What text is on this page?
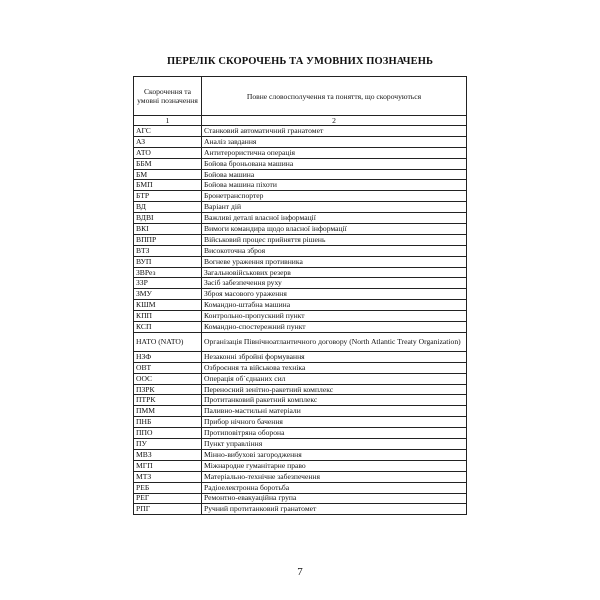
ПЕРЕЛІК СКОРОЧЕНЬ ТА УМОВНИХ ПОЗНАЧЕНЬ
Скорочення та умовні позначення	Повне словосполучення та поняття, що скорочуються
1	2
АГС	Станковий автоматичний гранатомет
АЗ	Аналіз завдання
АТО	Антитерористична операція
ББМ	Бойова броньована машина
БМ	Бойова машина
БМП	Бойова машина піхоти
БТР	Бронетранспортер
ВД	Варіант дій
ВДВІ	Важливі деталі власної інформації
ВКІ	Вимоги командира щодо власної інформації
ВППР	Військовий процес прийняття рішень
ВТЗ	Високоточна зброя
ВУП	Вогневе ураження противника
ЗВРез	Загальновійськових резерв
ЗЗР	Засіб забезпечення руху
ЗМУ	Зброя масового ураження
КШМ	Командно-штабна машина
КПП	Контрольно-пропускний пункт
КСП	Командно-спостережний пункт
НАТО (NATO)	Організація Північноатлантичного договору (North Atlantic Treaty Organization)
НЗФ	Незаконні збройні формування
ОВТ	Озброєння та військова техніка
ООС	Операція об`єднаних сил
ПЗРК	Переносний зенітно-ракетний комплекс
ПТРК	Протитанковий ракетний комплекс
ПММ	Паливно-мастильні матеріали
ПНБ	Прибор нічного бачення
ППО	Протиповітряна оборона
ПУ	Пункт управління
МВЗ	Мінно-вибухові загородження
МГП	Міжнародне гуманітарне право
МТЗ	Матеріально-технічне забезпечення
РЕБ	Радіоелектронна боротьба
РЕГ	Ремонтно-евакуаційна група
РПГ	Ручний протитанковий гранатомет
7
